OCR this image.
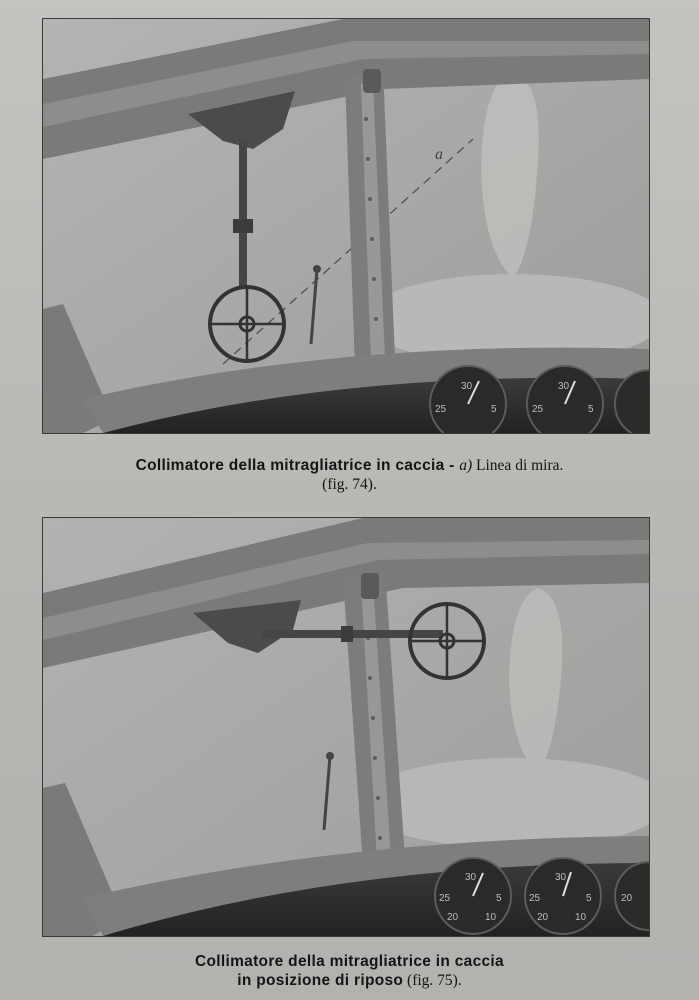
a
30
25	5
30
25	5
Collimatore della mitragliatrice in caccia - a) Linea di mira.
(fig. 74).
30
25	5
20	10
30
25	5
20	10
20
Collimatore della mitragliatrice in caccia
in posizione di riposo (fig. 75).
